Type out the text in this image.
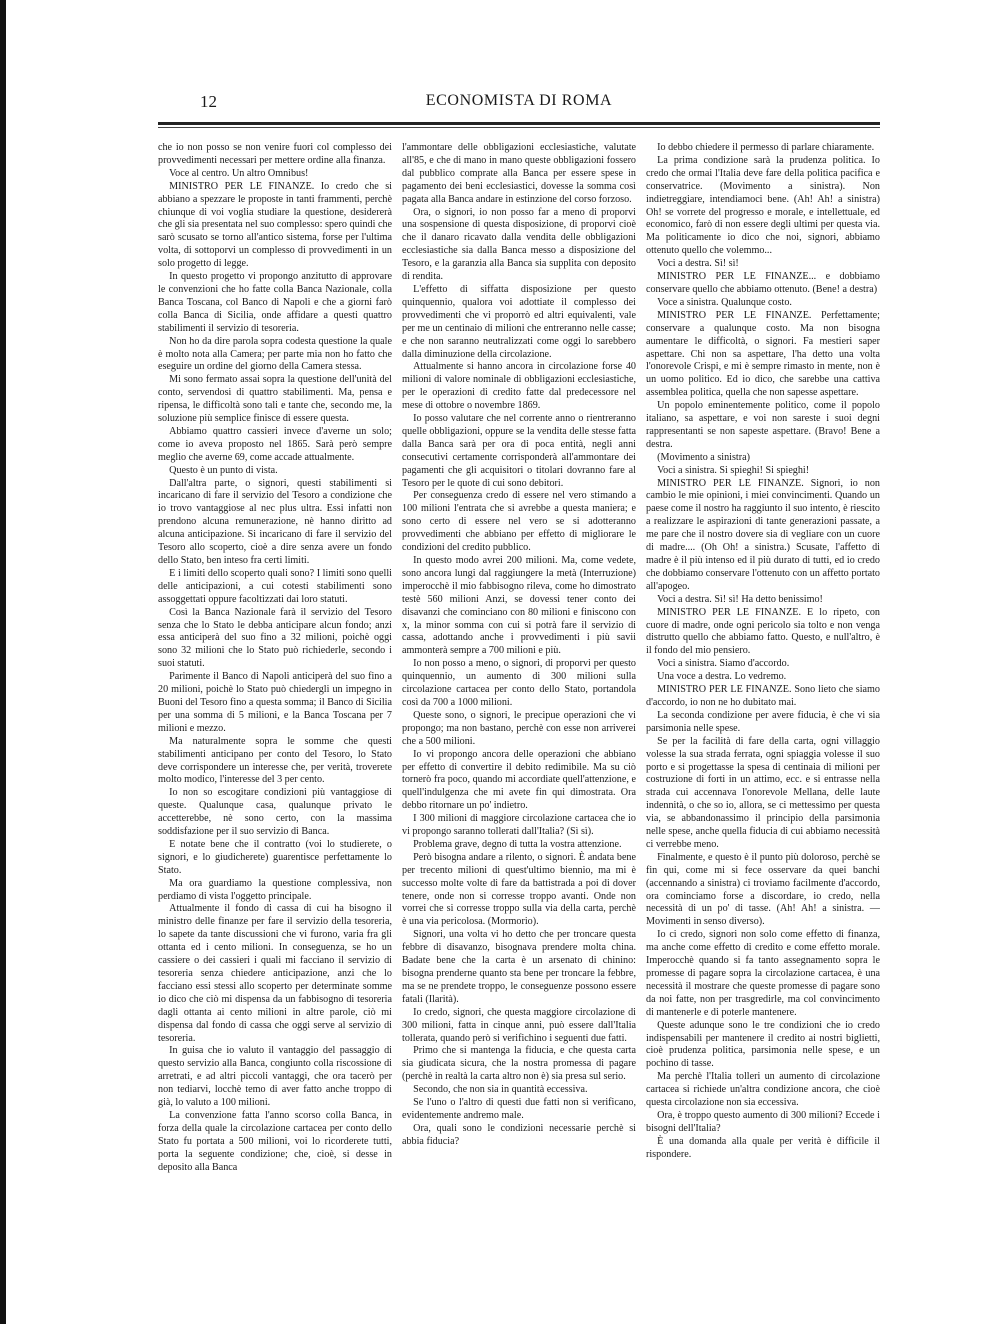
12	ECONOMISTA DI ROMA

che io non posso se non venire fuori col complesso dei provvedimenti necessari per mettere ordine alla finanza.

Voce al centro. Un altro Omnibus!

MINISTRO PER LE FINANZE. Io credo che si abbiano a spezzare le proposte in tanti frammenti, perchè chiunque di voi voglia studiare la questione, desidererà che gli sia presentata nel suo complesso: spero quindi che sarò scusato se torno all'antico sistema, forse per l'ultima volta, di sottoporvi un complesso di provvedimenti in un solo progetto di legge.

In questo progetto vi propongo anzitutto di approvare le convenzioni che ho fatte colla Banca Nazionale, colla Banca Toscana, col Banco di Napoli e che a giorni farò colla Banca di Sicilia, onde affidare a questi quattro stabilimenti il servizio di tesoreria.

Non ho da dire parola sopra codesta questione la quale è molto nota alla Camera; per parte mia non ho fatto che eseguire un ordine del giorno della Camera stessa.

Mi sono fermato assai sopra la questione dell'unità del conto, servendosi di quattro stabilimenti. Ma, pensa e ripensa, le difficoltà sono tali e tante che, secondo me, la soluzione più semplice finisce di essere questa.

Abbiamo quattro cassieri invece d'averne un solo; come io aveva proposto nel 1865. Sarà però sempre meglio che averne 69, come accade attualmente.

Questo è un punto di vista.

Dall'altra parte, o signori, questi stabilimenti si incaricano di fare il servizio del Tesoro a condizione che io trovo vantaggiose al nec plus ultra. Essi infatti non prendono alcuna remunerazione, nè hanno diritto ad alcuna anticipazione. Si incaricano di fare il servizio del Tesoro allo scoperto, cioè a dire senza avere un fondo dello Stato, ben inteso fra certi limiti.

E i limiti dello scoperto quali sono? I limiti sono quelli delle anticipazioni, a cui cotesti stabilimenti sono assoggettati oppure facoltizzati dai loro statuti.

Così la Banca Nazionale farà il servizio del Tesoro senza che lo Stato le debba anticipare alcun fondo; anzi essa anticiperà del suo fino a 32 milioni, poichè oggi sono 32 milioni che lo Stato può richiederle, secondo i suoi statuti.

Parimente il Banco di Napoli anticiperà del suo fino a 20 milioni, poichè lo Stato può chiedergli un impegno in Buoni del Tesoro fino a questa somma; il Banco di Sicilia per una somma di 5 milioni, e la Banca Toscana per 7 milioni e mezzo.

Ma naturalmente sopra le somme che questi stabilimenti anticipano per conto del Tesoro, lo Stato deve corrispondere un interesse che, per verità, troverete molto modico, l'interesse del 3 per cento.

Io non so escogitare condizioni più vantaggiose di queste. Qualunque casa, qualunque privato le accetterebbe, nè sono certo, con la massima soddisfazione per il suo servizio di Banca.

E notate bene che il contratto (voi lo studierete, o signori, e lo giudicherete) guarentisce perfettamente lo Stato.

Ma ora guardiamo la questione complessiva, non perdiamo di vista l'oggetto principale.

Attualmente il fondo di cassa di cui ha bisogno il ministro delle finanze per fare il servizio della tesoreria, lo sapete da tante discussioni che vi furono, varia fra gli ottanta ed i cento milioni. In conseguenza, se ho un cassiere o dei cassieri i quali mi facciano il servizio di tesoreria senza chiedere anticipazione, anzi che lo facciano essi stessi allo scoperto per determinate somme io dico che ciò mi dispensa da un fabbisogno di tesoreria dagli ottanta ai cento milioni in altre parole, ciò mi dispensa dal fondo di cassa che oggi serve al servizio di tesoreria.

In guisa che io valuto il vantaggio del passaggio di questo servizio alla Banca, congiunto colla riscossione di arretrati, e ad altri piccoli vantaggi, che ora tacerò per non tediarvi, locchè temo di aver fatto anche troppo di già, lo valuto a 100 milioni.

La convenzione fatta l'anno scorso colla Banca, in forza della quale la circolazione cartacea per conto dello Stato fu portata a 500 milioni, voi lo ricorderete tutti, porta la seguente condizione; che, cioè, si desse in deposito alla Banca

l'ammontare delle obbligazioni ecclesiastiche, valutate all'85, e che di mano in mano queste obbligazioni fossero dal pubblico comprate alla Banca per essere spese in pagamento dei beni ecclesiastici, dovesse la somma così pagata alla Banca andare in estinzione del corso forzoso.

Ora, o signori, io non posso far a meno di proporvi una sospensione di questa disposizione, di proporvi cioè che il danaro ricavato dalla vendita delle obbligazioni ecclesiastiche sia dalla Banca messo a disposizione del Tesoro, e la garanzia alla Banca sia supplita con deposito di rendita.

L'effetto di siffatta disposizione per questo quinquennio, qualora voi adottiate il complesso dei provvedimenti che vi proporrò ed altri equivalenti, vale per me un centinaio di milioni che entreranno nelle casse; e che non saranno neutralizzati come oggi lo sarebbero dalla diminuzione della circolazione.

Attualmente si hanno ancora in circolazione forse 40 milioni di valore nominale di obbligazioni ecclesiastiche, per le operazioni di credito fatte dal predecessore nel mese di ottobre o novembre 1869.

Io posso valutare che nel corrente anno o rientreranno quelle obbligazioni, oppure se la vendita delle stesse fatta dalla Banca sarà per ora di poca entità, negli anni consecutivi certamente corrisponderà all'ammontare dei pagamenti che gli acquisitori o titolari dovranno fare al Tesoro per le quote di cui sono debitori.

Per conseguenza credo di essere nel vero stimando a 100 milioni l'entrata che si avrebbe a questa maniera; e sono certo di essere nel vero se si adotteranno provvedimenti che abbiano per effetto di migliorare le condizioni del credito pubblico.

In questo modo avrei 200 milioni. Ma, come vedete, sono ancora lungi dal raggiungere la metà (Interruzione) imperocchè il mio fabbisogno rileva, come ho dimostrato testè 560 milioni Anzi, se dovessi tener conto dei disavanzi che cominciano con 80 milioni e finiscono con x, la minor somma con cui si potrà fare il servizio di cassa, adottando anche i provvedimenti i più savii ammonterà sempre a 700 milioni e più.

Io non posso a meno, o signori, di proporvi per questo quinquennio, un aumento di 300 milioni sulla circolazione cartacea per conto dello Stato, portandola così da 700 a 1000 milioni.

Queste sono, o signori, le precipue operazioni che vi propongo; ma non bastano, perchè con esse non arriverei che a 500 milioni.

Io vi propongo ancora delle operazioni che abbiano per effetto di convertire il debito redimibile. Ma su ciò tornerò fra poco, quando mi accordiate quell'attenzione, e quell'indulgenza che mi avete fin qui dimostrata. Ora debbo ritornare un po' indietro.

I 300 milioni di maggiore circolazione cartacea che io vi propongo saranno tollerati dall'Italia? (Sì sì).

Problema grave, degno di tutta la vostra attenzione.

Però bisogna andare a rilento, o signori. È andata bene per trecento milioni di quest'ultimo biennio, ma mi è successo molte volte di fare da battistrada a poi di dover tenere, onde non si corresse troppo avanti. Onde non vorrei che si corresse troppo sulla via della carta, perchè è una via pericolosa. (Mormorio).

Signori, una volta vi ho detto che per troncare questa febbre di disavanzo, bisognava prendere molta china. Badate bene che la carta è un arsenato di chinino: bisogna prenderne quanto sta bene per troncare la febbre, ma se ne prendete troppo, le conseguenze possono essere fatali (Ilarità).

Io credo, signori, che questa maggiore circolazione di 300 milioni, fatta in cinque anni, può essere dall'Italia tollerata, quando però si verifichino i seguenti due fatti.

Primo che si mantenga la fiducia, e che questa carta sia giudicata sicura, che la nostra promessa di pagare (perchè in realtà la carta altro non è) sia presa sul serio.

Secondo, che non sia in quantità eccessiva.

Se l'uno o l'altro di questi due fatti non si verificano, evidentemente andremo male.

Ora, quali sono le condizioni necessarie perchè si abbia fiducia?

Io debbo chiedere il permesso di parlare chiaramente.

La prima condizione sarà la prudenza politica. Io credo che ormai l'Italia deve fare della politica pacifica e conservatrice. (Movimento a sinistra). Non indietreggiare, intendiamoci bene. (Ah! Ah! a sinistra) Oh! se vorrete del progresso e morale, e intellettuale, ed economico, farò di non essere degli ultimi per questa via. Ma politicamente io dico che noi, signori, abbiamo ottenuto quello che volemmo...

Voci a destra. Sì! sì!

MINISTRO PER LE FINANZE... e dobbiamo conservare quello che abbiamo ottenuto. (Bene! a destra)

Voce a sinistra. Qualunque costo.

MINISTRO PER LE FINANZE. Perfettamente; conservare a qualunque costo. Ma non bisogna aumentare le difficoltà, o signori. Fa mestieri saper aspettare. Chi non sa aspettare, l'ha detto una volta l'onorevole Crispi, e mi è sempre rimasto in mente, non è un uomo politico. Ed io dico, che sarebbe una cattiva assemblea politica, quella che non sapesse aspettare.

Un popolo eminentemente politico, come il popolo italiano, sa aspettare, e voi non sareste i suoi degni rappresentanti se non sapeste aspettare. (Bravo! Bene a destra.

(Movimento a sinistra)

Voci a sinistra. Si spieghi! Si spieghi!

MINISTRO PER LE FINANZE. Signori, io non cambio le mie opinioni, i miei convincimenti. Quando un paese come il nostro ha raggiunto il suo intento, è riescito a realizzare le aspirazioni di tante generazioni passate, a me pare che il nostro dovere sia di vegliare con un cuore di madre.... (Oh Oh! a sinistra.) Scusate, l'affetto di madre è il più intenso ed il più durato di tutti, ed io credo che dobbiamo conservare l'ottenuto con un affetto portato all'apogeo.

Voci a destra. Sì! sì! Ha detto benissimo!

MINISTRO PER LE FINANZE. E lo ripeto, con cuore di madre, onde ogni pericolo sia tolto e non venga distrutto quello che abbiamo fatto. Questo, e null'altro, è il fondo del mio pensiero.

Voci a sinistra. Siamo d'accordo.

Una voce a destra. Lo vedremo.

MINISTRO PER LE FINANZE. Sono lieto che siamo d'accordo, io non ne ho dubitato mai.

La seconda condizione per avere fiducia, è che vi sia parsimonia nelle spese.

Se per la facilità di fare della carta, ogni villaggio volesse la sua strada ferrata, ogni spiaggia volesse il suo porto e si progettasse la spesa di centinaia di milioni per costruzione di forti in un attimo, ecc. e si entrasse nella strada cui accennava l'onorevole Mellana, delle laute indennità, o che so io, allora, se ci mettessimo per questa via, se abbandonassimo il principio della parsimonia nelle spese, anche quella fiducia di cui abbiamo necessità ci verrebbe meno.

Finalmente, e questo è il punto più doloroso, perchè se fin qui, come mi si fece osservare da quei banchi (accennando a sinistra) ci troviamo facilmente d'accordo, ora cominciamo forse a discordare, io credo, nella necessità di un po' di tasse. (Ah! Ah! a sinistra. — Movimenti in senso diverso).

Io ci credo, signori non solo come effetto di finanza, ma anche come effetto di credito e come effetto morale. Imperocchè quando si fa tanto assegnamento sopra le promesse di pagare sopra la circolazione cartacea, è una necessità il mostrare che queste promesse di pagare sono da noi fatte, non per trasgredirle, ma col convincimento di mantenerle e di poterle mantenere.

Queste adunque sono le tre condizioni che io credo indispensabili per mantenere il credito ai nostri biglietti, cioè prudenza politica, parsimonia nelle spese, e un pochino di tasse.

Ma perchè l'Italia tolleri un aumento di circolazione cartacea si richiede un'altra condizione ancora, che cioè questa circolazione non sia eccessiva.

Ora, è troppo questo aumento di 300 milioni? Eccede i bisogni dell'Italia?

È una domanda alla quale per verità è difficile il rispondere.
